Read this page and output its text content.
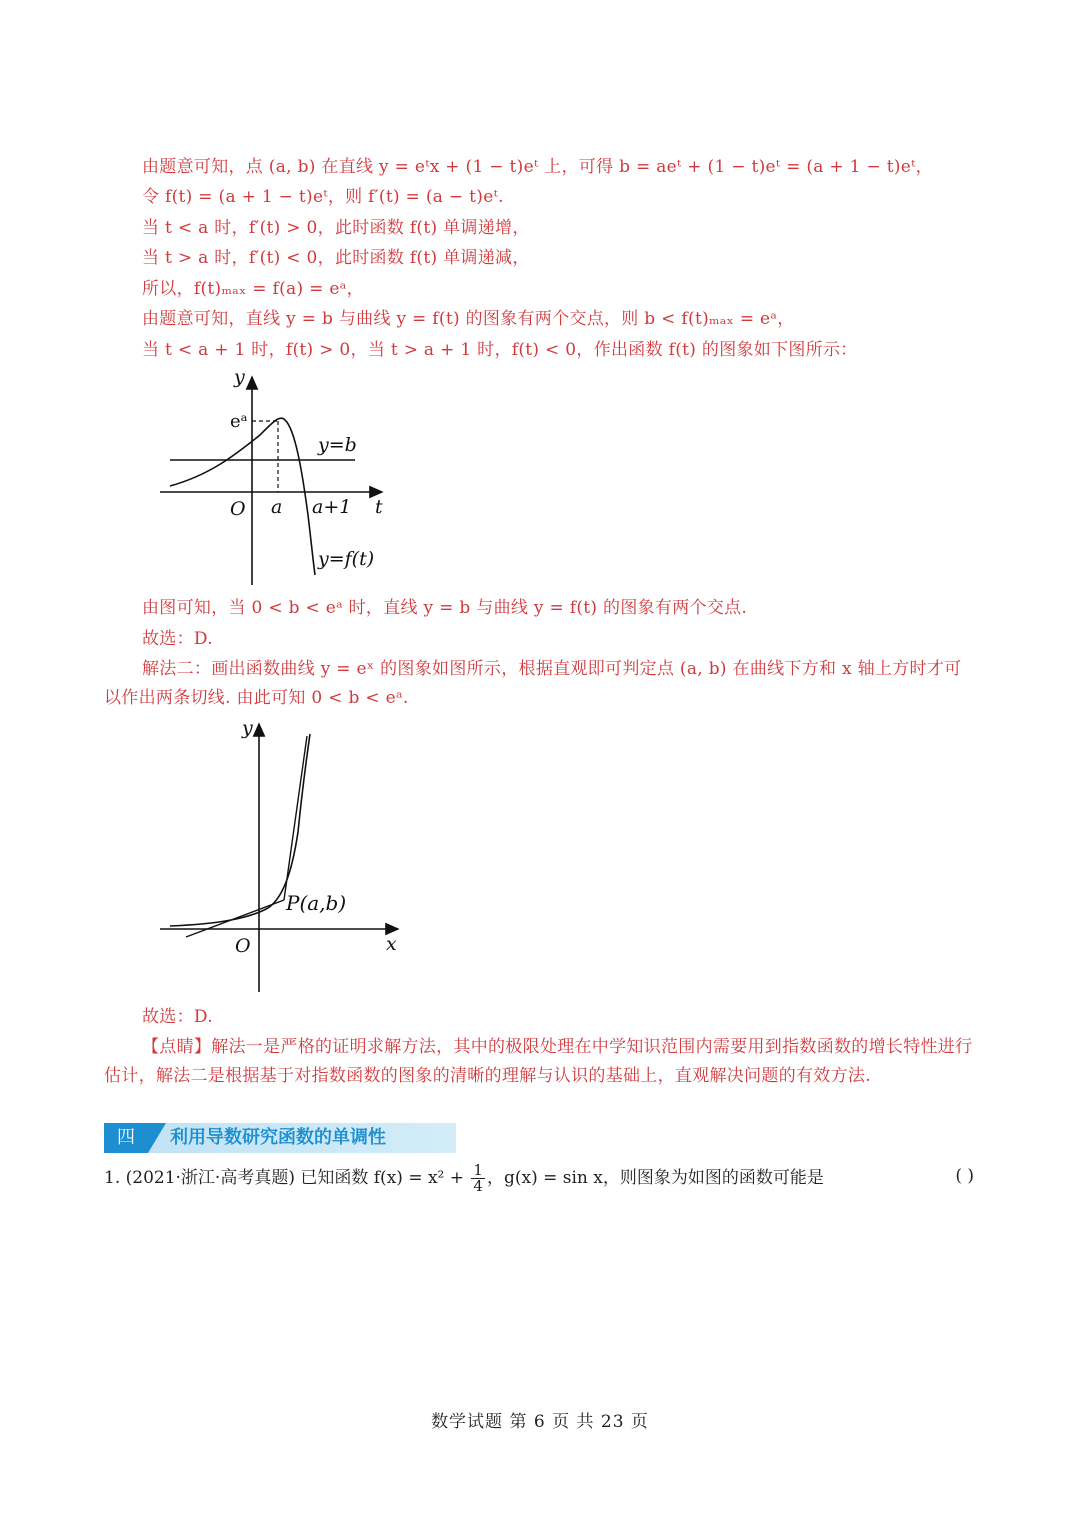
由题意可知，点 (a, b) 在直线 y = eᵗx + (1 − t)eᵗ 上，可得 b = aeᵗ + (1 − t)eᵗ = (a + 1 − t)eᵗ，
令 f(t) = (a + 1 − t)eᵗ，则 f′(t) = (a − t)eᵗ.
当 t < a 时，f′(t) > 0，此时函数 f(t) 单调递增，
当 t > a 时，f′(t) < 0，此时函数 f(t) 单调递减，
所以，f(t)ₘₐₓ = f(a) = eᵃ，
由题意可知，直线 y = b 与曲线 y = f(t) 的图象有两个交点，则 b < f(t)ₘₐₓ = eᵃ，
当 t < a + 1 时，f(t) > 0，当 t > a + 1 时，f(t) < 0，作出函数 f(t) 的图象如下图所示：
y
eᵃ
y=b
O a a+1 t
y=f(t)
由图可知，当 0 < b < eᵃ 时，直线 y = b 与曲线 y = f(t) 的图象有两个交点.
故选：D.
解法二：画出函数曲线 y = eˣ 的图象如图所示，根据直观即可判定点 (a, b) 在曲线下方和 x 轴上方时才可以作出两条切线. 由此可知 0 < b < eᵃ.
y
P(a,b)
O	x
故选：D.
【点睛】解法一是严格的证明求解方法，其中的极限处理在中学知识范围内需要用到指数函数的增长特性进行估计，解法二是根据基于对指数函数的图象的清晰的理解与认识的基础上，直观解决问题的有效方法.
四	利用导数研究函数的单调性
1. (2021·浙江·高考真题) 已知函数 $f(x) = x^2 + \frac{1}{4}$ ，g(x) = sin x，则图象为如图的函数可能是	( )
数学试题 第 6 页 共 23 页
